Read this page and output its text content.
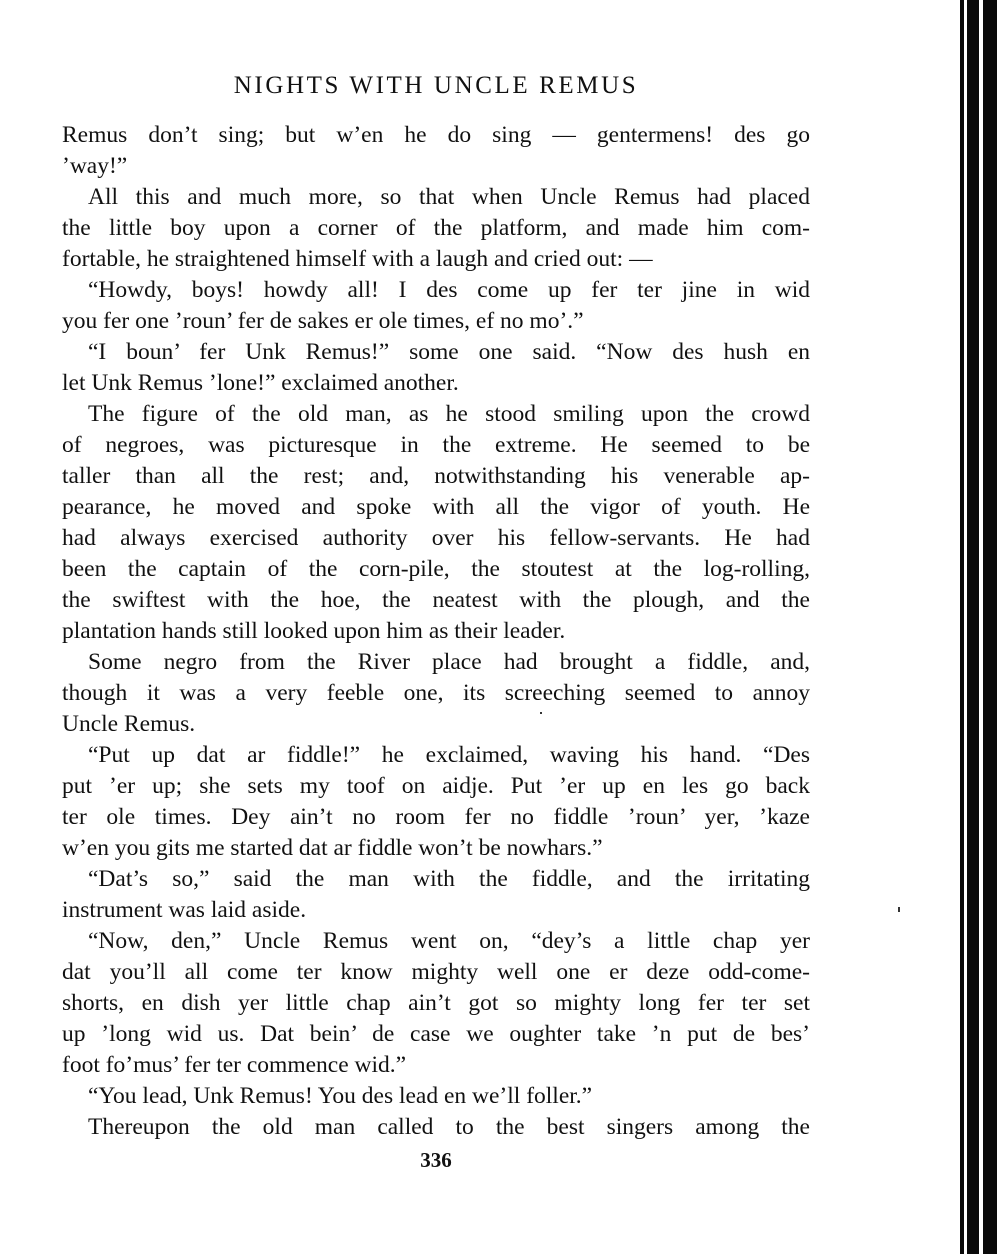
NIGHTS WITH UNCLE REMUS
Remus don’t sing; but w’en he do sing — gentermens! des go
’way!”
All this and much more, so that when Uncle Remus had placed
the little boy upon a corner of the platform, and made him com-
fortable, he straightened himself with a laugh and cried out: —
“Howdy, boys! howdy all! I des come up fer ter jine in wid
you fer one ’roun’ fer de sakes er ole times, ef no mo’.”
“I boun’ fer Unk Remus!” some one said. “Now des hush en
let Unk Remus ’lone!” exclaimed another.
The figure of the old man, as he stood smiling upon the crowd
of negroes, was picturesque in the extreme. He seemed to be
taller than all the rest; and, notwithstanding his venerable ap-
pearance, he moved and spoke with all the vigor of youth. He
had always exercised authority over his fellow-servants. He had
been the captain of the corn-pile, the stoutest at the log-rolling,
the swiftest with the hoe, the neatest with the plough, and the
plantation hands still looked upon him as their leader.
Some negro from the River place had brought a fiddle, and,
though it was a very feeble one, its screeching seemed to annoy
Uncle Remus.
“Put up dat ar fiddle!” he exclaimed, waving his hand. “Des
put ’er up; she sets my toof on aidje. Put ’er up en les go back
ter ole times. Dey ain’t no room fer no fiddle ’roun’ yer, ’kaze
w’en you gits me started dat ar fiddle won’t be nowhars.”
“Dat’s so,” said the man with the fiddle, and the irritating
instrument was laid aside.
“Now, den,” Uncle Remus went on, “dey’s a little chap yer
dat you’ll all come ter know mighty well one er deze odd-come-
shorts, en dish yer little chap ain’t got so mighty long fer ter set
up ’long wid us. Dat bein’ de case we oughter take ’n put de bes’
foot fo’mus’ fer ter commence wid.”
“You lead, Unk Remus! You des lead en we’ll foller.”
Thereupon the old man called to the best singers among the
336
